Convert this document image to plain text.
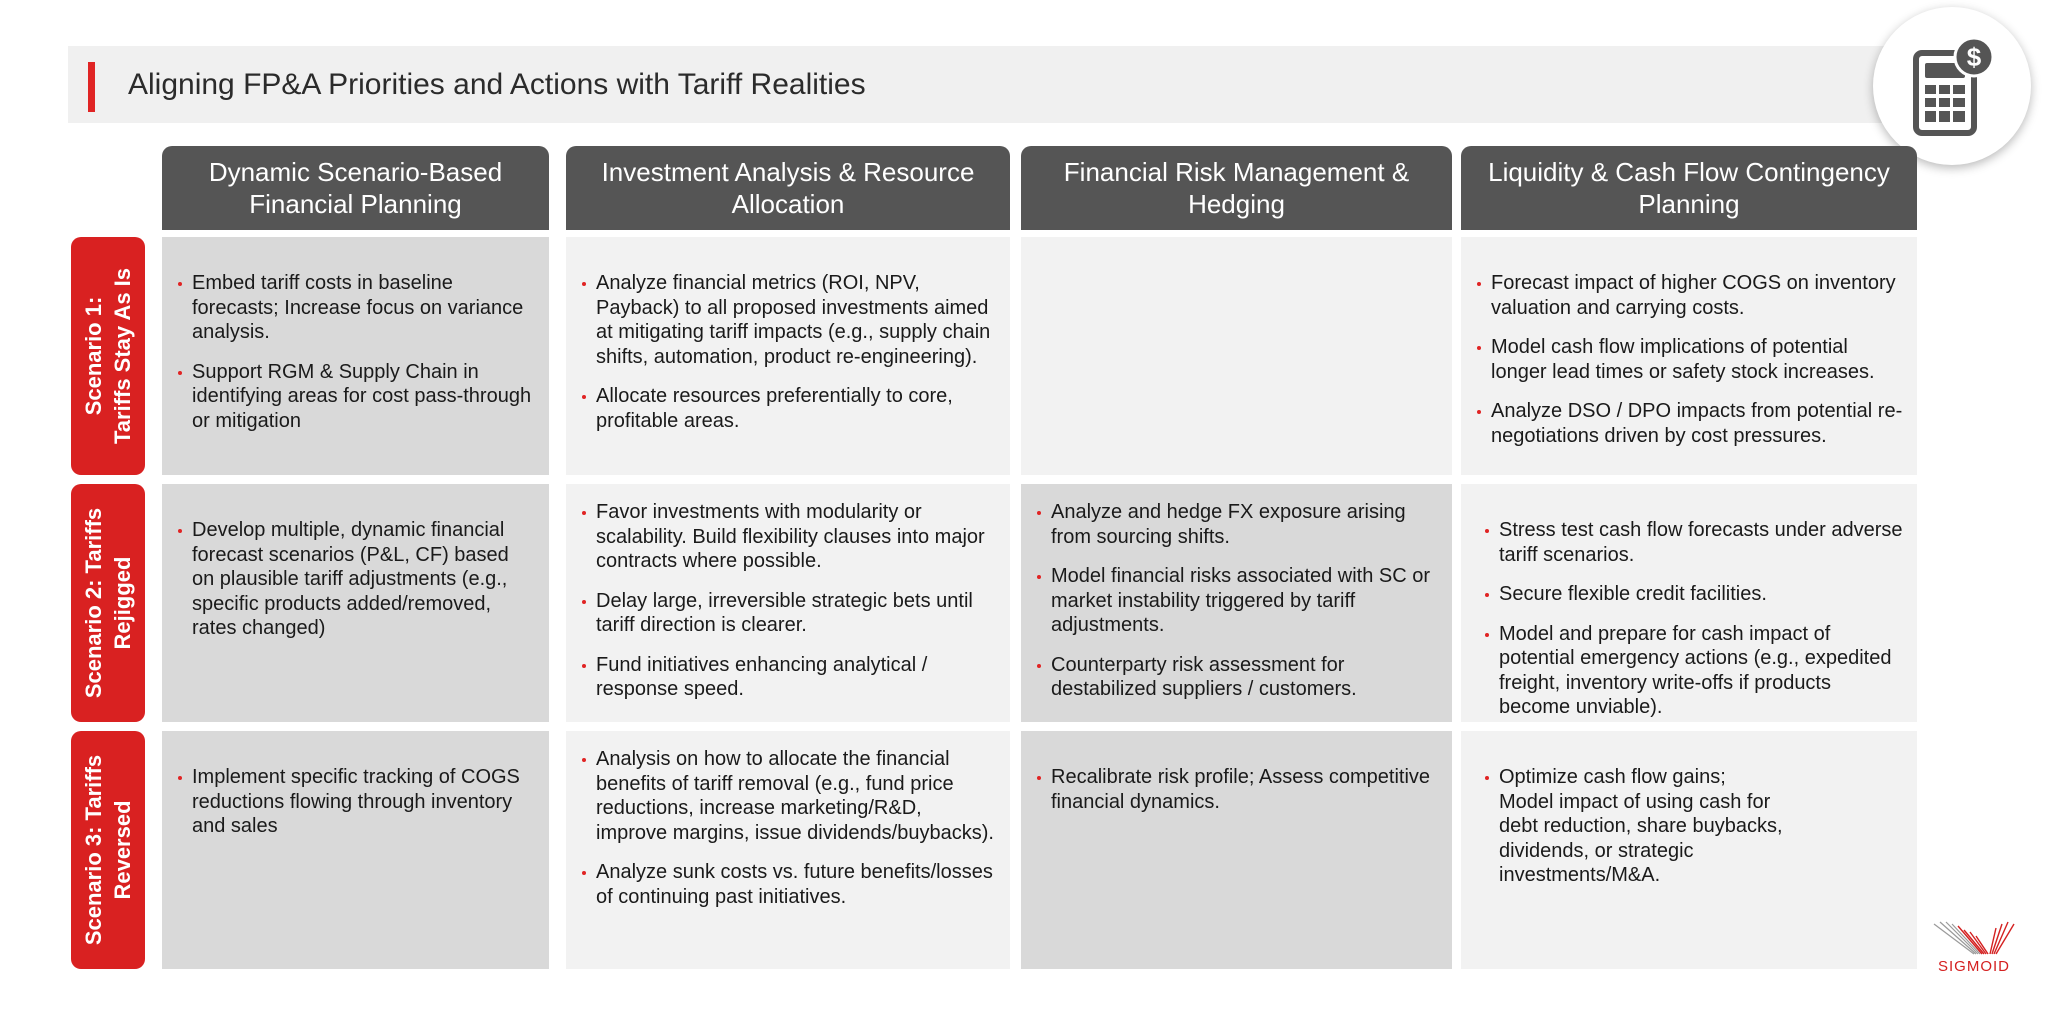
Aligning FP&A Priorities and Actions with Tariff Realities
$
Dynamic Scenario-Based Financial Planning
Investment Analysis & Resource Allocation
Financial Risk Management & Hedging
Liquidity & Cash Flow Contingency Planning
Scenario 1:
Tariffs Stay As Is
Scenario 2: Tariffs
Rejigged
Scenario 3: Tariffs
Reversed
Embed tariff costs in baseline forecasts; Increase focus on variance analysis.
Support RGM & Supply Chain in identifying areas for cost pass-through or mitigation
Analyze financial metrics (ROI, NPV, Payback) to all proposed investments aimed at mitigating tariff impacts (e.g., supply chain shifts, automation, product re-engineering).
Allocate resources preferentially to core, profitable areas.
Forecast impact of higher COGS on inventory valuation and carrying costs.
Model cash flow implications of potential longer lead times or safety stock increases.
Analyze DSO / DPO impacts from potential re-negotiations driven by cost pressures.
Develop multiple, dynamic financial forecast scenarios (P&L, CF) based on plausible tariff adjustments (e.g., specific products added/removed, rates changed)
Favor investments with modularity or scalability. Build flexibility clauses into major contracts where possible.
Delay large, irreversible strategic bets until tariff direction is clearer.
Fund initiatives enhancing analytical / response speed.
Analyze and hedge FX exposure arising from sourcing shifts.
Model financial risks associated with SC or market instability triggered by tariff adjustments.
Counterparty risk assessment for destabilized suppliers / customers.
Stress test cash flow forecasts under adverse tariff scenarios.
Secure flexible credit facilities.
Model and prepare for cash impact of potential emergency actions (e.g., expedited freight, inventory write-offs if products become unviable).
Implement specific tracking of COGS reductions flowing through inventory and sales
Analysis on how to allocate the financial benefits of tariff removal (e.g., fund price reductions, increase marketing/R&D, improve margins, issue dividends/buybacks).
Analyze sunk costs vs. future benefits/losses of continuing past initiatives.
Recalibrate risk profile; Assess competitive financial dynamics.
Optimize cash flow gains;
Model impact of using cash for debt reduction, share buybacks, dividends, or strategic investments/M&A.
SIGMOID
